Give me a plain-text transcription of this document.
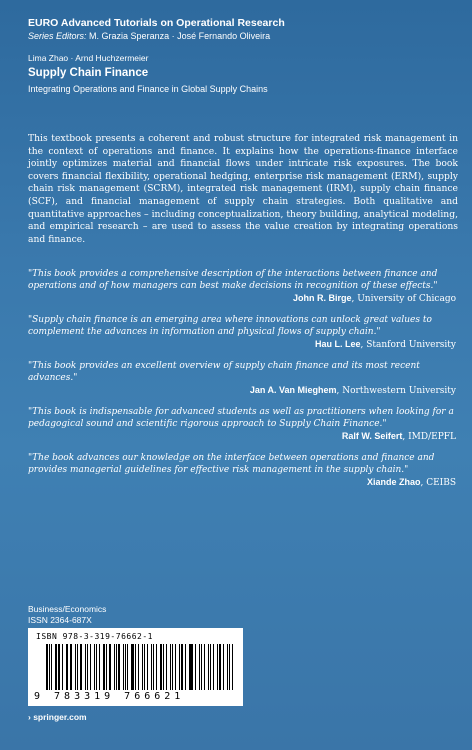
EURO Advanced Tutorials on Operational Research
Series Editors: M. Grazia Speranza · José Fernando Oliveira
Lima Zhao · Arnd Huchzermeier
Supply Chain Finance
Integrating Operations and Finance in Global Supply Chains

This textbook presents a coherent and robust structure for integrated risk management in the context of operations and finance. It explains how the operations-finance interface jointly optimizes material and financial flows under intricate risk exposures. The book covers financial flexibility, operational hedging, enterprise risk management (ERM), supply chain risk management (SCRM), integrated risk management (IRM), supply chain finance (SCF), and financial management of supply chain strategies. Both qualitative and quantitative approaches – including conceptualization, theory building, analytical modeling, and empirical research – are used to assess the value creation by integrating operations and finance.

"This book provides a comprehensive description of the interactions between finance and operations and of how managers can best make decisions in recognition of these effects."

John R. Birge, University of Chicago

"Supply chain finance is an emerging area where innovations can unlock great values to complement the advances in information and physical flows of supply chain."

Hau L. Lee, Stanford University

"This book provides an excellent overview of supply chain finance and its most recent advances."

Jan A. Van Mieghem, Northwestern University

"This book is indispensable for advanced students as well as practitioners when looking for a pedagogical sound and scientific rigorous approach to Supply Chain Finance."

Ralf W. Seifert, IMD/EPFL

"The book advances our knowledge on the interface between operations and finance and provides managerial guidelines for effective risk management in the supply chain."

Xiande Zhao, CEIBS

Business/Economics
ISSN 2364-687X
ISBN 978-3-319-76662-1
9 783319 766621
› springer.com
